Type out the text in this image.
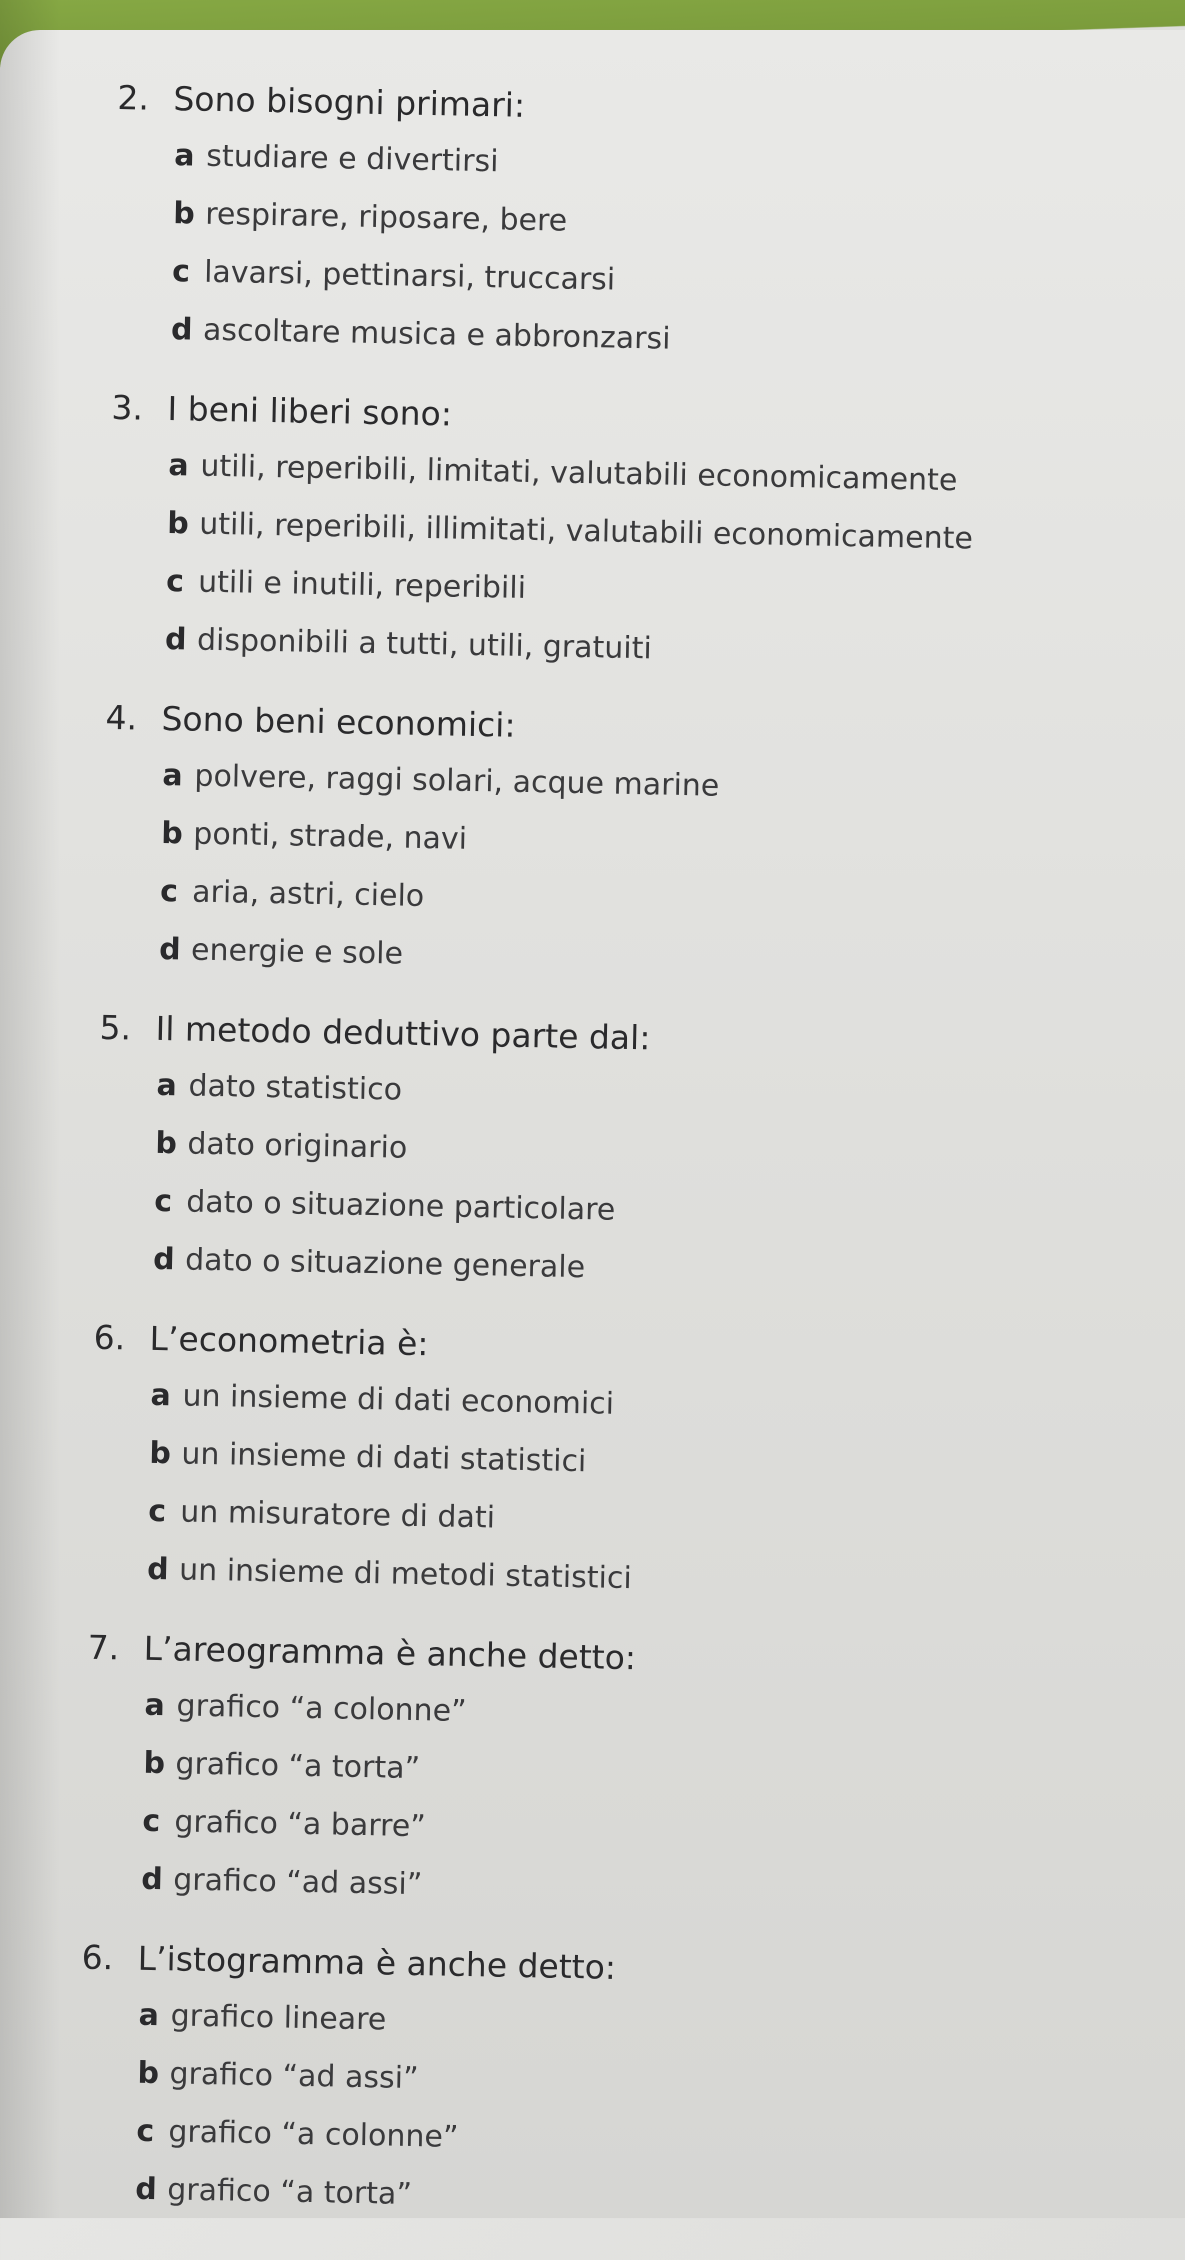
2. Sono bisogni primari:
a studiare e divertirsi
b respirare, riposare, bere
c lavarsi, pettinarsi, truccarsi
d ascoltare musica e abbronzarsi
3. I beni liberi sono:
a utili, reperibili, limitati, valutabili economicamente
b utili, reperibili, illimitati, valutabili economicamente
c utili e inutili, reperibili
d disponibili a tutti, utili, gratuiti
4. Sono beni economici:
a polvere, raggi solari, acque marine
b ponti, strade, navi
c aria, astri, cielo
d energie e sole
5. Il metodo deduttivo parte dal:
a dato statistico
b dato originario
c dato o situazione particolare
d dato o situazione generale
6. L’econometria è:
a un insieme di dati economici
b un insieme di dati statistici
c un misuratore di dati
d un insieme di metodi statistici
7. L’areogramma è anche detto:
a grafico “a colonne”
b grafico “a torta”
c grafico “a barre”
d grafico “ad assi”
6. L’istogramma è anche detto:
a grafico lineare
b grafico “ad assi”
c grafico “a colonne”
d grafico “a torta”
